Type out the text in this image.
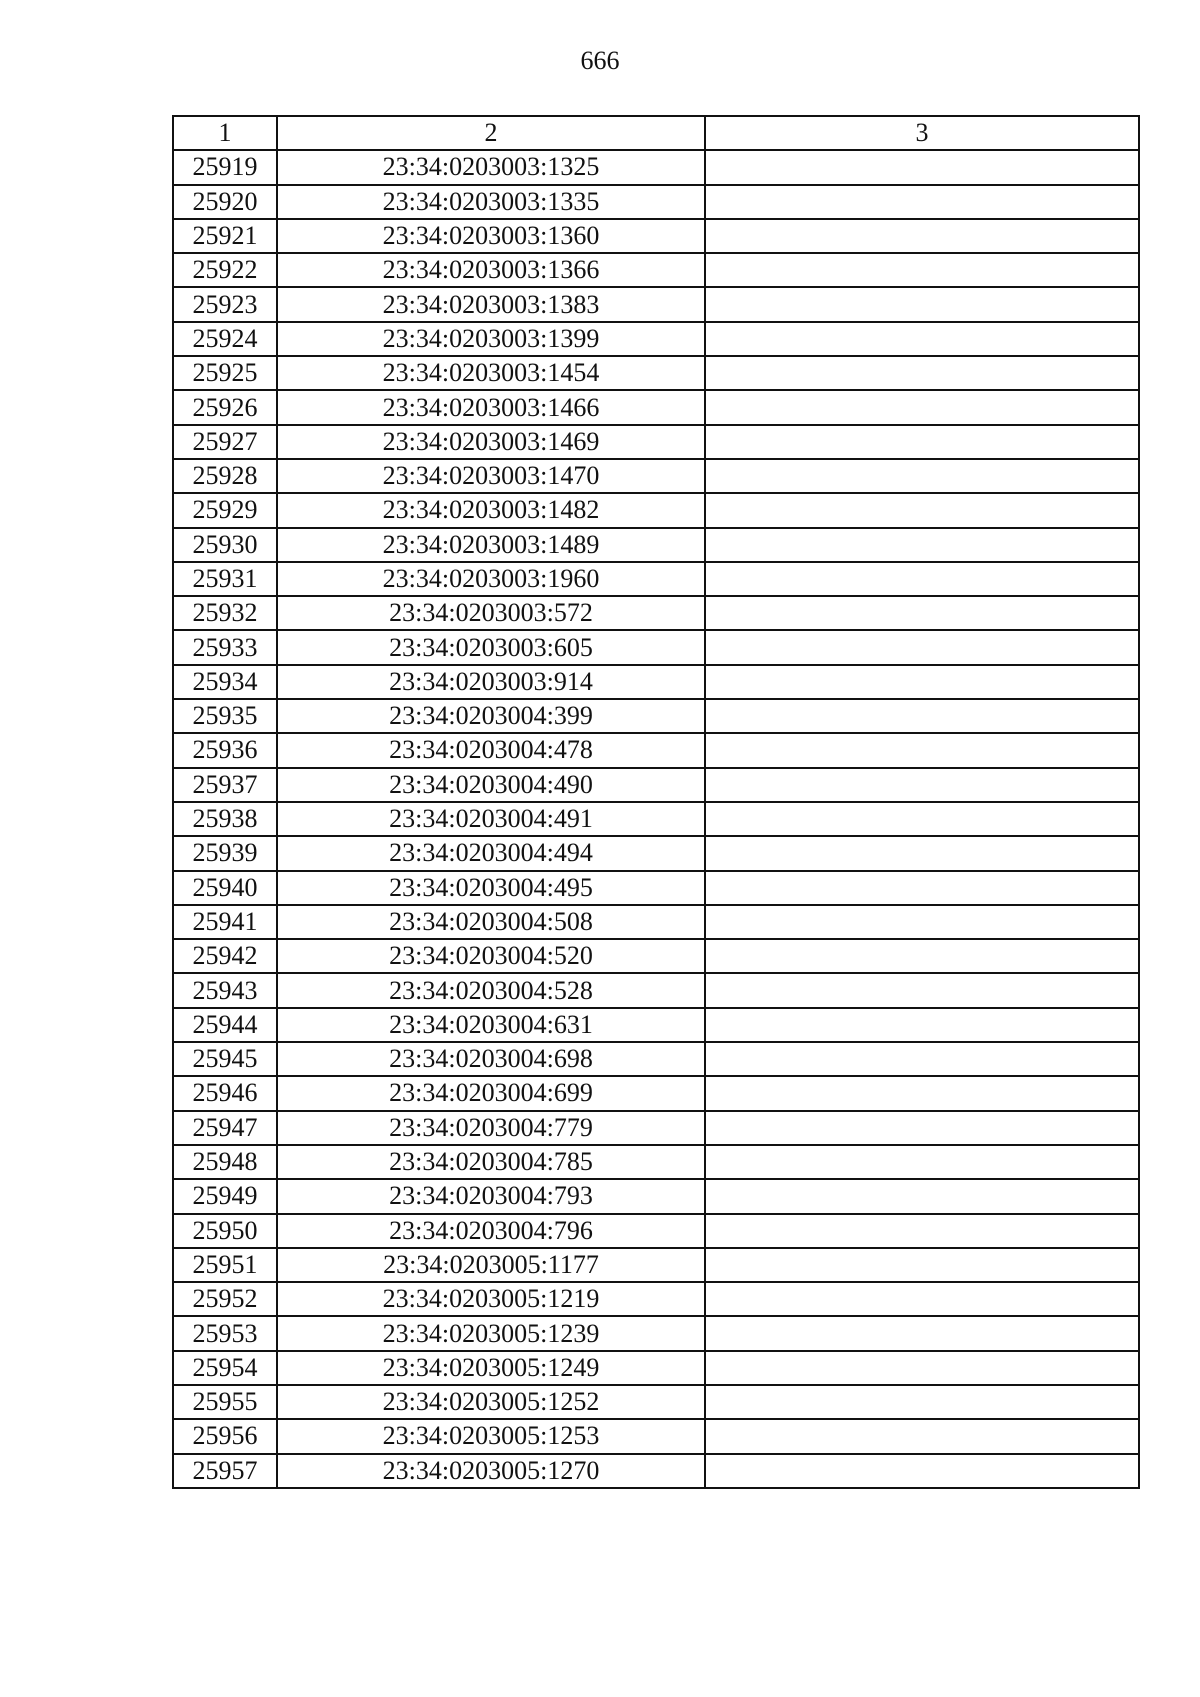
666
1	2	3
25919	23:34:0203003:1325	
25920	23:34:0203003:1335	
25921	23:34:0203003:1360	
25922	23:34:0203003:1366	
25923	23:34:0203003:1383	
25924	23:34:0203003:1399	
25925	23:34:0203003:1454	
25926	23:34:0203003:1466	
25927	23:34:0203003:1469	
25928	23:34:0203003:1470	
25929	23:34:0203003:1482	
25930	23:34:0203003:1489	
25931	23:34:0203003:1960	
25932	23:34:0203003:572	
25933	23:34:0203003:605	
25934	23:34:0203003:914	
25935	23:34:0203004:399	
25936	23:34:0203004:478	
25937	23:34:0203004:490	
25938	23:34:0203004:491	
25939	23:34:0203004:494	
25940	23:34:0203004:495	
25941	23:34:0203004:508	
25942	23:34:0203004:520	
25943	23:34:0203004:528	
25944	23:34:0203004:631	
25945	23:34:0203004:698	
25946	23:34:0203004:699	
25947	23:34:0203004:779	
25948	23:34:0203004:785	
25949	23:34:0203004:793	
25950	23:34:0203004:796	
25951	23:34:0203005:1177	
25952	23:34:0203005:1219	
25953	23:34:0203005:1239	
25954	23:34:0203005:1249	
25955	23:34:0203005:1252	
25956	23:34:0203005:1253	
25957	23:34:0203005:1270	
